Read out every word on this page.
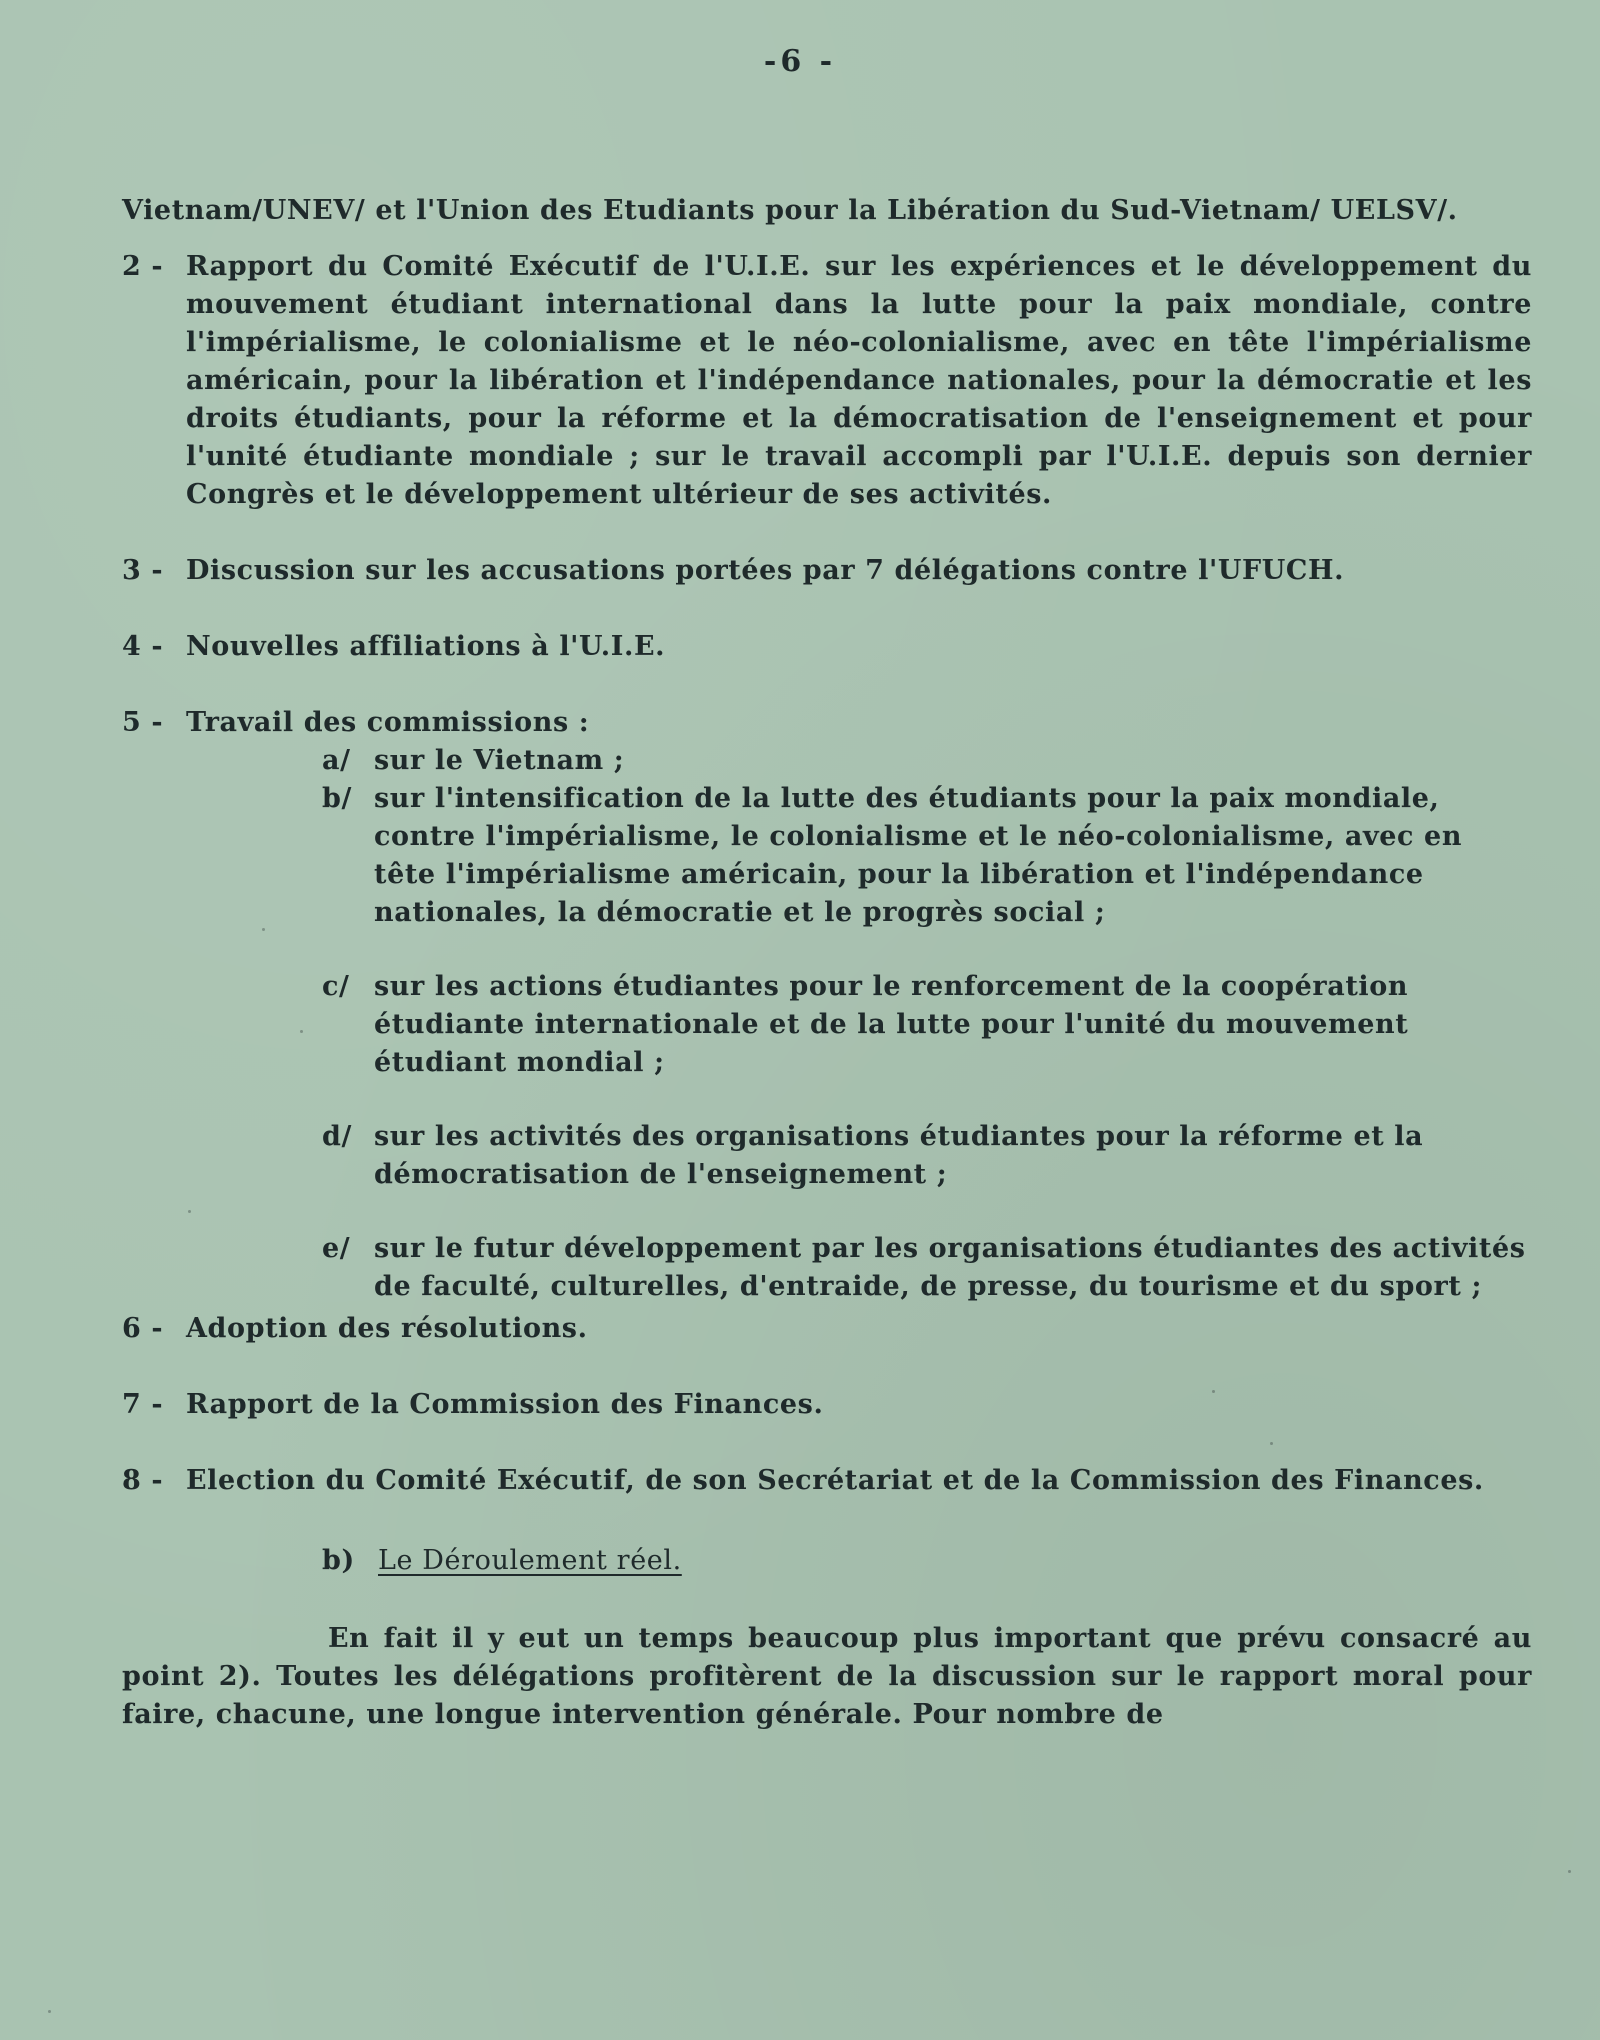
-6 -

Vietnam/UNEV/ et l'Union des Etudiants pour la Libération du Sud-Vietnam/ UELSV/.

2 - Rapport du Comité Exécutif de l'U.I.E. sur les expériences et le développement du mouvement étudiant international dans la lutte pour la paix mondiale, contre l'impérialisme, le colonialisme et le néo-colonialisme, avec en tête l'impérialisme américain, pour la libération et l'indépendance nationales, pour la démocratie et les droits étudiants, pour la réforme et la démocratisation de l'enseignement et pour l'unité étudiante mondiale ; sur le travail accompli par l'U.I.E. depuis son dernier Congrès et le développement ultérieur de ses activités.
3 - Discussion sur les accusations portées par 7 délégations contre l'UFUCH.
4 - Nouvelles affiliations à l'U.I.E.
5 - Travail des commissions :
a/ sur le Vietnam ;
b/ sur l'intensification de la lutte des étudiants pour la paix mondiale, contre l'impérialisme, le colonialisme et le néo-colonialisme, avec en tête l'impérialisme américain, pour la libération et l'indépendance nationales, la démocratie et le progrès social ;
c/ sur les actions étudiantes pour le renforcement de la coopération étudiante internationale et de la lutte pour l'unité du mouvement étudiant mondial ;
d/ sur les activités des organisations étudiantes pour la réforme et la démocratisation de l'enseignement ;
e/ sur le futur développement par les organisations étudiantes des activités de faculté, culturelles, d'entraide, de presse, du tourisme et du sport ;
6 - Adoption des résolutions.
7 - Rapport de la Commission des Finances.
8 - Election du Comité Exécutif, de son Secrétariat et de la Commission des Finances.
b) Le Déroulement réel.

En fait il y eut un temps beaucoup plus important que prévu consacré au point 2). Toutes les délégations profitèrent de la discussion sur le rapport moral pour faire, chacune, une longue intervention générale. Pour nombre de
